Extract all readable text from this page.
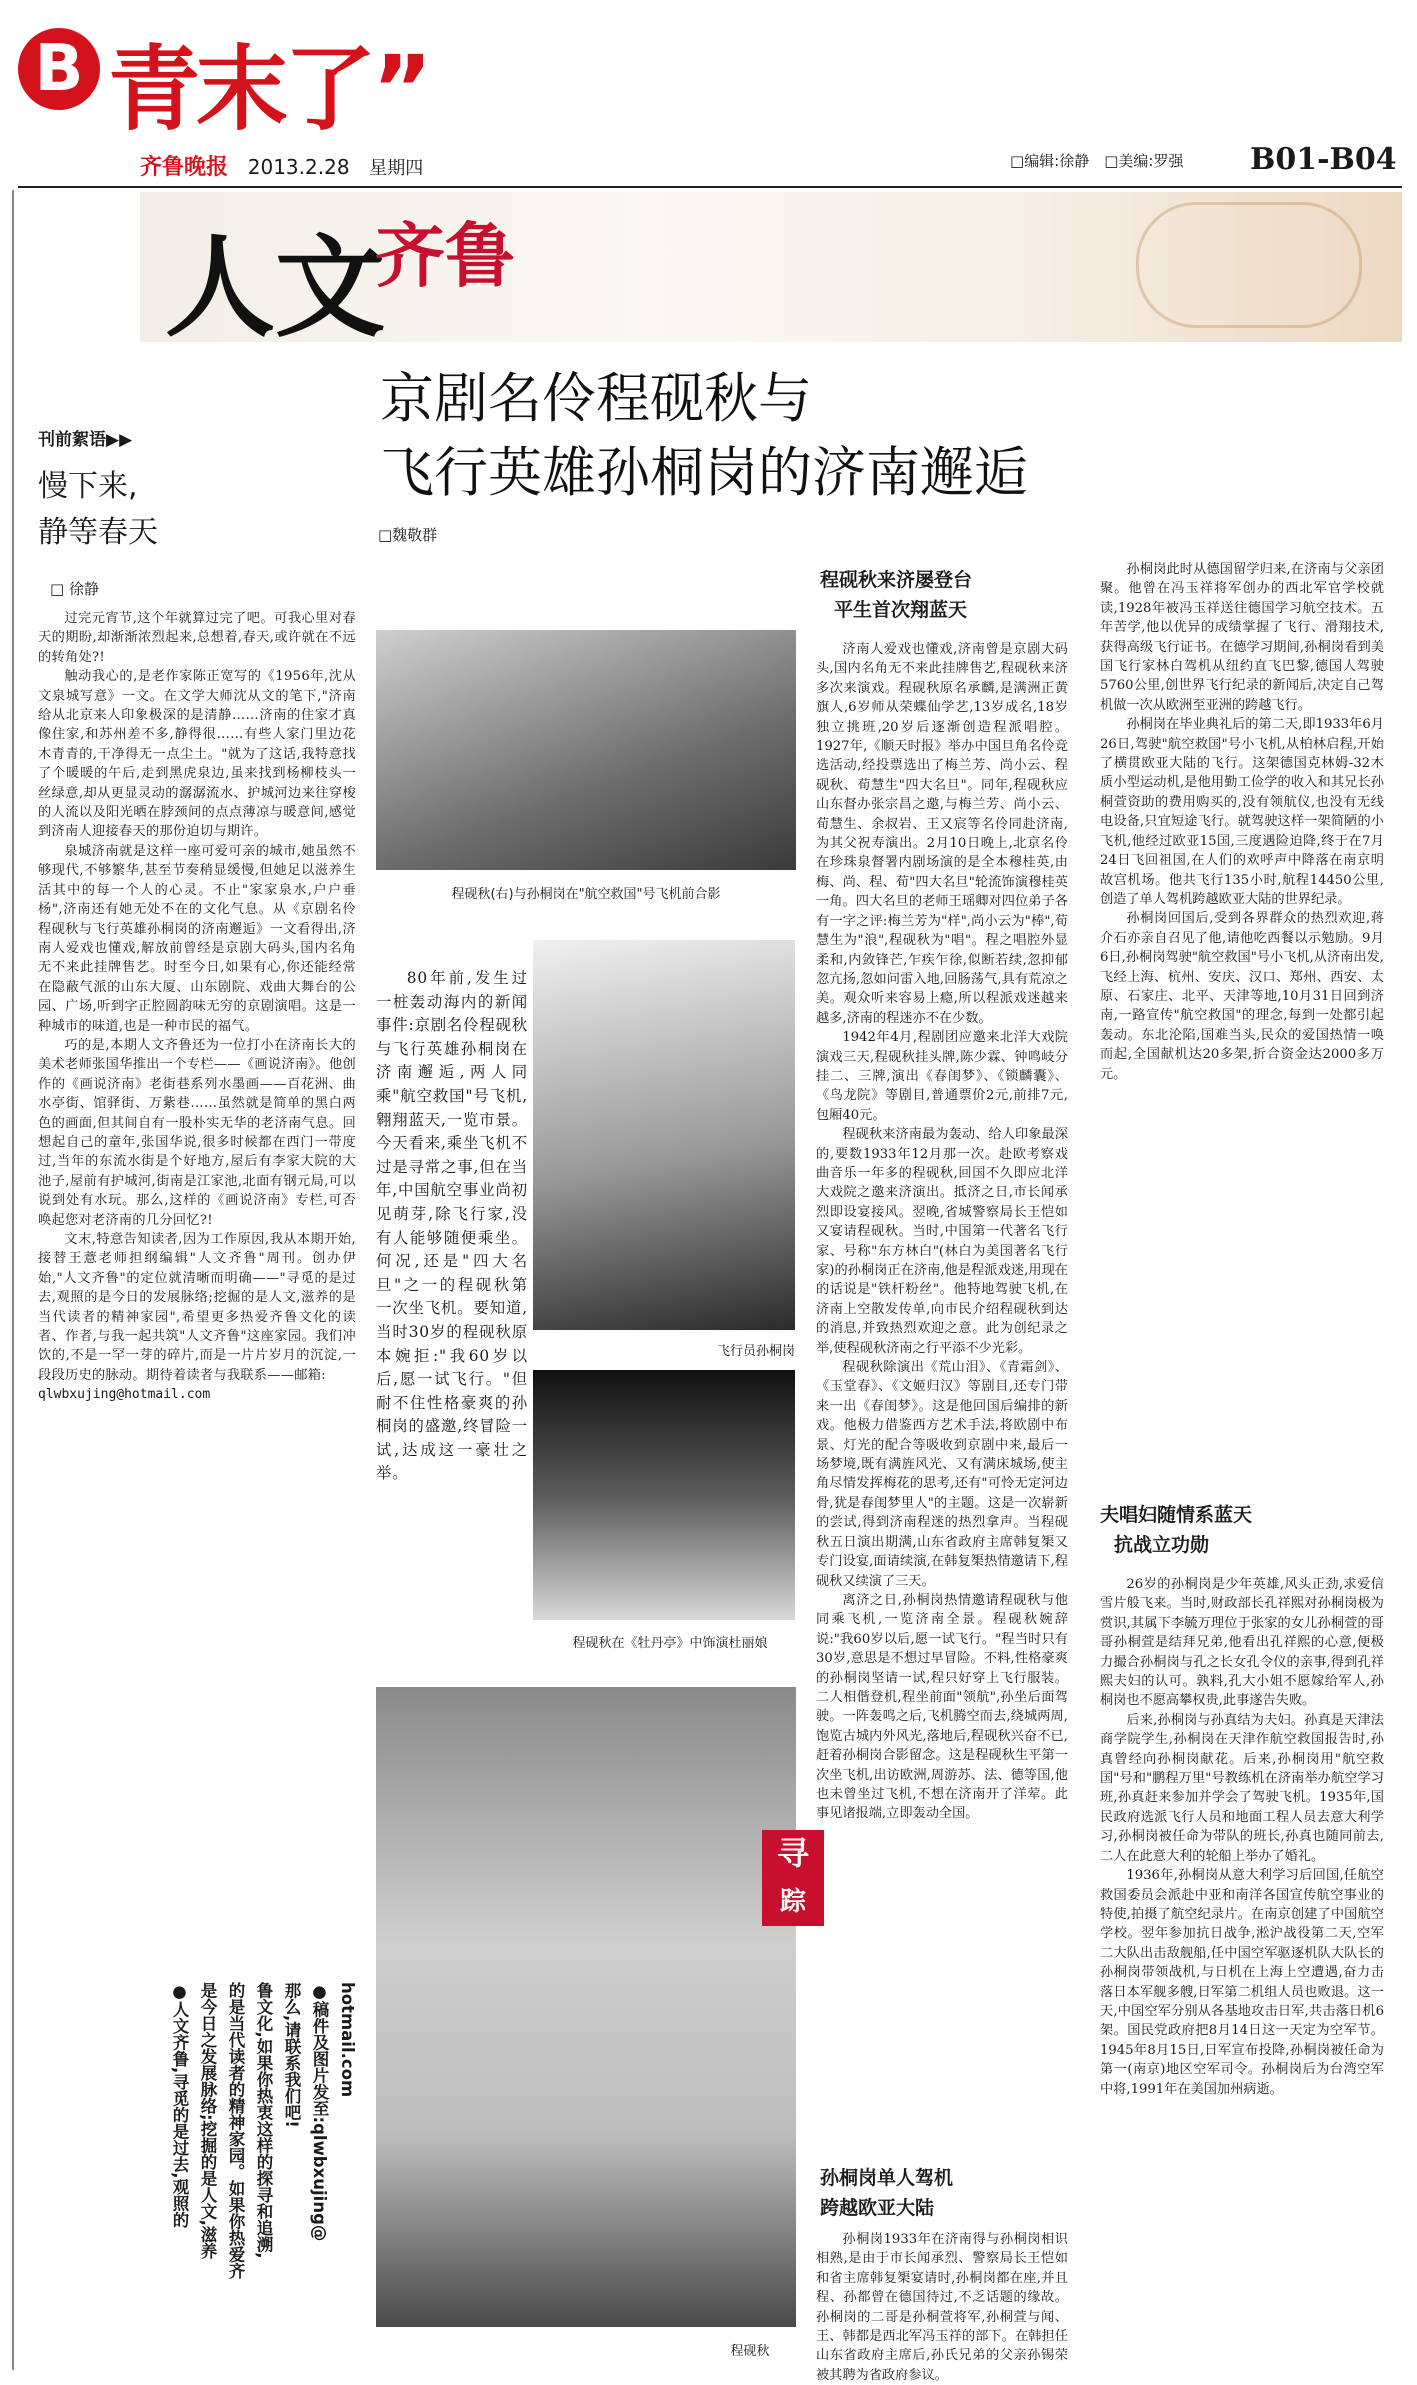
B 青末了”
齐鲁晚报 2013.2.28 星期四	□编辑:徐静　□美编:罗强 B01-B04
人文$^{齐鲁}$
京剧名伶程砚秋与
飞行英雄孙桐岗的济南邂逅
□魏敬群
刊前絮语▶▶
慢下来,
静等春天
□ 徐静

过完元宵节,这个年就算过完了吧。可我心里对春天的期盼,却渐渐浓烈起来,总想着,春天,或许就在不远的转角处?!

触动我心的,是老作家陈正宽写的《1956年,沈从文泉城写意》一文。在文学大师沈从文的笔下,"济南给从北京来人印象极深的是清静……济南的住家才真像住家,和苏州差不多,静得很……有些人家门里边花木青青的,干净得无一点尘土。"就为了这话,我特意找了个暖暖的午后,走到黑虎泉边,虽来找到杨柳枝头一丝绿意,却从更显灵动的潺潺流水、护城河边来往穿梭的人流以及阳光晒在脖颈间的点点薄凉与暖意间,感觉到济南人迎接春天的那份迫切与期许。

泉城济南就是这样一座可爱可亲的城市,她虽然不够现代,不够繁华,甚至节奏稍显缓慢,但她足以滋养生活其中的每一个人的心灵。不止"家家泉水,户户垂杨",济南还有她无处不在的文化气息。从《京剧名伶程砚秋与飞行英雄孙桐岗的济南邂逅》一文看得出,济南人爱戏也懂戏,解放前曾经是京剧大码头,国内名角无不来此挂牌售艺。时至今日,如果有心,你还能经常在隐蔽气派的山东大厦、山东剧院、戏曲大舞台的公园、广场,听到字正腔圆韵味无穷的京剧演唱。这是一种城市的味道,也是一种市民的福气。

巧的是,本期人文齐鲁还为一位打小在济南长大的美术老师张国华推出一个专栏——《画说济南》。他创作的《画说济南》老街巷系列水墨画——百花洲、曲水亭街、馆驿街、万紫巷……虽然就是简单的黑白两色的画面,但其间自有一股朴实无华的老济南气息。回想起自己的童年,张国华说,很多时候都在西门一带度过,当年的东流水街是个好地方,屋后有李家大院的大池子,屋前有护城河,街南是江家池,北面有钢元局,可以说到处有水玩。那么,这样的《画说济南》专栏,可否唤起您对老济南的几分回忆?!

文末,特意告知读者,因为工作原因,我从本期开始,接替王薏老师担纲编辑"人文齐鲁"周刊。创办伊始,"人文齐鲁"的定位就清晰而明确——"寻觅的是过去,观照的是今日的发展脉络;挖掘的是人文,滋养的是当代读者的精神家园",希望更多热爱齐鲁文化的读者、作者,与我一起共筑"人文齐鲁"这座家园。我们冲饮的,不是一罕一芽的碎片,而是一片片岁月的沉淀,一段段历史的脉动。期待着读者与我联系——邮箱:

qlwbxujing@hotmail.com
程砚秋(右)与孙桐岗在"航空救国"号飞机前合影
飞行员孙桐岗
程砚秋在《牡丹亭》中饰演杜丽娘
程砚秋
寻
踪

80年前,发生过一桩轰动海内的新闻事件:京剧名伶程砚秋与飞行英雄孙桐岗在济南邂逅,两人同乘"航空救国"号飞机,翱翔蓝天,一览市景。今天看来,乘坐飞机不过是寻常之事,但在当年,中国航空事业尚初见萌芽,除飞行家,没有人能够随便乘坐。何况,还是"四大名旦"之一的程砚秋第一次坐飞机。要知道,当时30岁的程砚秋原本婉拒:"我60岁以后,愿一试飞行。"但耐不住性格豪爽的孙桐岗的盛邀,终冒险一试,达成这一豪壮之举。

程砚秋来济屡登台
平生首次翔蓝天

济南人爱戏也懂戏,济南曾是京剧大码头,国内名角无不来此挂牌售艺,程砚秋来济多次来演戏。程砚秋原名承麟,是满洲正黄旗人,6岁师从荣蝶仙学艺,13岁成名,18岁独立挑班,20岁后逐渐创造程派唱腔。1927年,《顺天时报》举办中国旦角名伶竞选活动,经投票选出了梅兰芳、尚小云、程砚秋、荀慧生"四大名旦"。同年,程砚秋应山东督办张宗昌之邀,与梅兰芳、尚小云、荀慧生、余叔岩、王又宸等名伶同赴济南,为其父祝寿演出。2月10日晚上,北京名伶在珍珠泉督署内剧场演的是全本穆桂英,由梅、尚、程、荀"四大名旦"轮流饰演穆桂英一角。四大名旦的老师王瑶卿对四位弟子各有一字之评:梅兰芳为"样",尚小云为"棒",荀慧生为"浪",程砚秋为"唱"。程之唱腔外显柔和,内敛锋芒,乍疾乍徐,似断若续,忽抑郁忽亢扬,忽如问雷入地,回肠荡气,具有荒凉之美。观众听来容易上瘾,所以程派戏迷越来越多,济南的程迷亦不在少数。

1942年4月,程剧团应邀来北洋大戏院演戏三天,程砚秋挂头牌,陈少霖、钟鸣岐分挂二、三牌,演出《春闺梦》、《锁麟囊》、《鸟龙院》等剧目,普通票价2元,前排7元,包厢40元。

程砚秋来济南最为轰动、给人印象最深的,要数1933年12月那一次。赴欧考察戏曲音乐一年多的程砚秋,回国不久即应北洋大戏院之邀来济演出。抵济之日,市长闻承烈即设宴接风。翌晚,省城警察局长王恺如又宴请程砚秋。当时,中国第一代著名飞行家、号称"东方林白"(林白为美国著名飞行家)的孙桐岗正在济南,他是程派戏迷,用现在的话说是"铁杆粉丝"。他特地驾驶飞机,在济南上空散发传单,向市民介绍程砚秋到达的消息,并致热烈欢迎之意。此为创纪录之举,使程砚秋济南之行平添不少光彩。

程砚秋除演出《荒山泪》、《青霜剑》、《玉堂春》、《文姬归汉》等剧目,还专门带来一出《春闺梦》。这是他回国后编排的新戏。他极力借鉴西方艺术手法,将欧剧中布景、灯光的配合等吸收到京剧中来,最后一场梦境,既有满旌风光、又有满床城场,使主角尽情发挥梅花的思考,还有"可怜无定河边骨,犹是春闺梦里人"的主题。这是一次崭新的尝试,得到济南程迷的热烈拿声。当程砚秋五日演出期满,山东省政府主席韩复榘又专门设宴,面请续演,在韩复榘热情邀请下,程砚秋又续演了三天。

离济之日,孙桐岗热情邀请程砚秋与他同乘飞机,一览济南全景。程砚秋婉辞说:"我60岁以后,愿一试飞行。"程当时只有30岁,意思是不想过早冒险。不料,性格豪爽的孙桐岗坚请一试,程只好穿上飞行服装。二人相偕登机,程坐前面"领航",孙坐后面驾驶。一阵轰鸣之后,飞机腾空而去,绕城两周,饱览古城内外风光,落地后,程砚秋兴奋不已,赶着孙桐岗合影留念。这是程砚秋生平第一次坐飞机,出访欧洲,周游苏、法、德等国,他也未曾坐过飞机,不想在济南开了洋荤。此事见诸报端,立即轰动全国。

孙桐岗单人驾机
跨越欧亚大陆

孙桐岗1933年在济南得与孙桐岗相识相熟,是由于市长闻承烈、警察局长王恺如和省主席韩复榘宴请时,孙桐岗都在座,并且程、孙都曾在德国待过,不乏话题的缘故。孙桐岗的二哥是孙桐萱将军,孙桐萱与闻、王、韩都是西北军冯玉祥的部下。在韩担任山东省政府主席后,孙氏兄弟的父亲孙锡荣被其聘为省政府参议。

孙桐岗此时从德国留学归来,在济南与父亲团聚。他曾在冯玉祥将军创办的西北军官学校就读,1928年被冯玉祥送往德国学习航空技术。五年苦学,他以优异的成绩掌握了飞行、滑翔技术,获得高级飞行证书。在德学习期间,孙桐岗看到美国飞行家林白驾机从纽约直飞巴黎,德国人驾驶5760公里,创世界飞行纪录的新闻后,决定自己驾机做一次从欧洲至亚洲的跨越飞行。

孙桐岗在毕业典礼后的第二天,即1933年6月26日,驾驶"航空救国"号小飞机,从柏林启程,开始了横贯欧亚大陆的飞行。这架德国克林姆-32木质小型运动机,是他用勤工俭学的收入和其兄长孙桐萱资助的费用购买的,没有领航仪,也没有无线电设备,只宜短途飞行。就驾驶这样一架简陋的小飞机,他经过欧亚15国,三度遇险迫降,终于在7月24日飞回祖国,在人们的欢呼声中降落在南京明故宫机场。他共飞行135小时,航程14450公里,创造了单人驾机跨越欧亚大陆的世界纪录。

孙桐岗回国后,受到各界群众的热烈欢迎,蒋介石亦亲自召见了他,请他吃西餐以示勉励。9月6日,孙桐岗驾驶"航空救国"号小飞机,从济南出发,飞经上海、杭州、安庆、汉口、郑州、西安、太原、石家庄、北平、天津等地,10月31日回到济南,一路宣传"航空救国"的理念,每到一处都引起轰动。东北沦陷,国难当头,民众的爱国热情一唤而起,全国献机达20多架,折合资金达2000多万元。

夫唱妇随情系蓝天
抗战立功勋

26岁的孙桐岗是少年英雄,风头正劲,求爱信雪片般飞来。当时,财政部长孔祥熙对孙桐岗极为赏识,其属下李毓万理位于张家的女儿孙桐萱的哥哥孙桐萱是结拜兄弟,他看出孔祥熙的心意,便极力撮合孙桐岗与孔之长女孔令仪的亲事,得到孔祥熙夫妇的认可。孰料,孔大小姐不愿嫁给军人,孙桐岗也不愿高攀权贵,此事遂告失败。

后来,孙桐岗与孙真结为夫妇。孙真是天津法商学院学生,孙桐岗在天津作航空救国报告时,孙真曾经向孙桐岗献花。后来,孙桐岗用"航空救国"号和"鹏程万里"号教练机在济南举办航空学习班,孙真赶来参加并学会了驾驶飞机。1935年,国民政府选派飞行人员和地面工程人员去意大利学习,孙桐岗被任命为带队的班长,孙真也随同前去,二人在此意大利的轮船上举办了婚礼。

1936年,孙桐岗从意大利学习后回国,任航空救国委员会派赴中亚和南洋各国宣传航空事业的特使,拍摄了航空纪录片。在南京创建了中国航空学校。翌年参加抗日战争,淞沪战役第二天,空军二大队出击敌舰船,任中国空军驱逐机队大队长的孙桐岗带领战机,与日机在上海上空遭遇,奋力击落日本军舰多艘,日军第二机组人员也败退。这一天,中国空军分别从各基地攻击日军,共击落日机6架。国民党政府把8月14日这一天定为空军节。1945年8月15日,日军宣布投降,孙桐岗被任命为第一(南京)地区空军司令。孙桐岗后为台湾空军中将,1991年在美国加州病逝。

hotmail.com
●稿件及图片发至:qlwbxujing@
那么,请联系我们吧!
鲁文化,如果你热衷这样的探寻和追溯,
的是当代读者的精神家园。如果你热爱齐
是今日之发展脉络;挖掘的是人文,滋养
●人文齐鲁,寻觅的是过去,观照的
